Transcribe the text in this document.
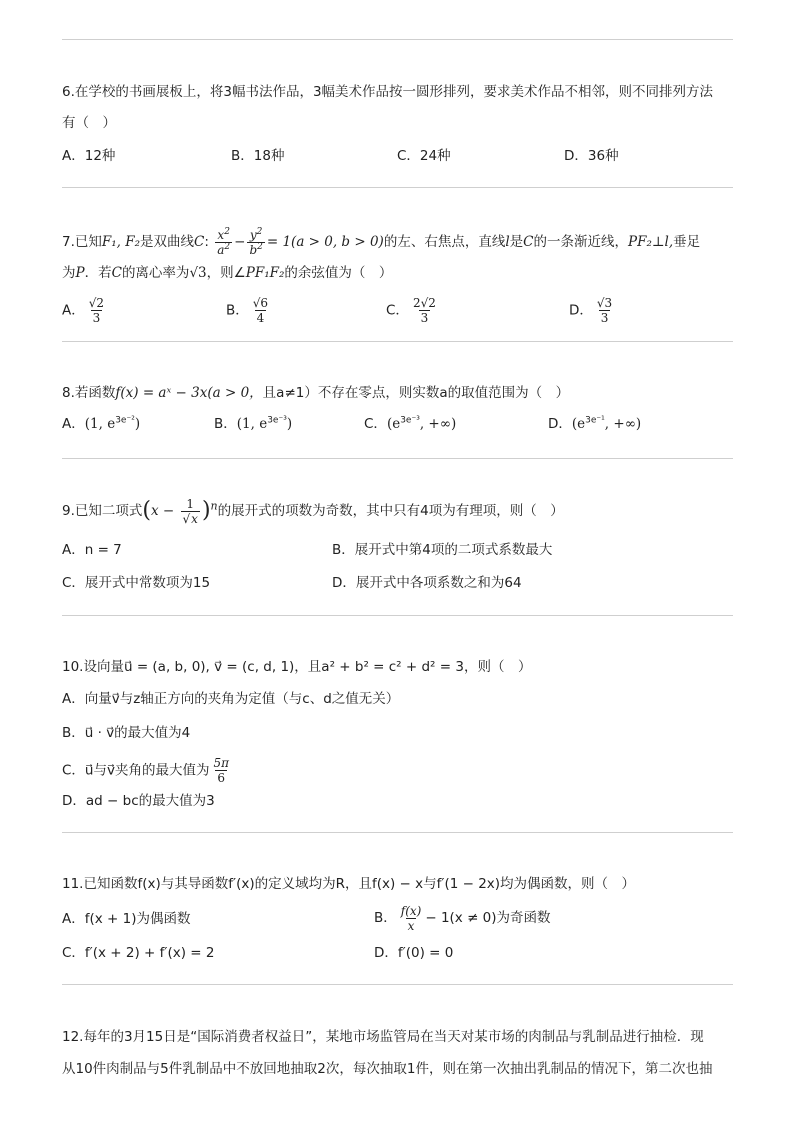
6.在学校的书画展板上，将3幅书法作品，3幅美术作品按一圆形排列，要求美术作品不相邻，则不同排列方法
有（　）
A．12种	B．18种	C．24种	D．36种
7.已知F₁, F₂是双曲线C: $\frac{x^2}{a^2} - \frac{y^2}{b^2} = 1(a > 0$, b > 0)的左、右焦点，直线l是C的一条渐近线，PF₂⊥l,垂足
为P．若C的离心率为√3，则∠PF₁F₂的余弦值为（　）
A． $\frac{√2}{3}$	B． $\frac{√6}{4}$	C． $\frac{2√2}{3}$	D． $\frac{√3}{3}$
8.若函数f(x) = aˣ − 3x(a > 0，且a≠1）不存在零点，则实数a的取值范围为（　）
A．(1, $e^{3e^{-2}}$)	B．(1, $e^{3e^{-3}}$)	C．($e^{3e^{-3}}$, +∞)	D．($e^{3e^{-1}}$, +∞)
9.已知二项式$(x - \frac{1}{√x} )^n$的展开式的项数为奇数，其中只有4项为有理项，则（　）
A．n = 7	B．展开式中第4项的二项式系数最大
C．展开式中常数项为15	D．展开式中各项系数之和为64
10.设向量u⃗ = (a, b, 0), v⃗ = (c, d, 1)，且a² + b² = c² + d² = 3，则（　）
A．向量v⃗与z轴正方向的夹角为定值（与c、d之值无关）
B．u⃗ · v⃗的最大值为4
C．u⃗与v⃗夹角的最大值为 $\frac{5\pi}{6}$
D．ad − bc的最大值为3
11.已知函数f(x)与其导函数f′(x)的定义域均为R，且f(x) − x与f′(1 − 2x)均为偶函数，则（　）
A．f(x + 1)为偶函数	B． $\frac{f(x)}{x} - 1(x \ne 0)$为奇函数
C．f′(x + 2) + f′(x) = 2	D．f′(0) = 0
12.每年的3月15日是“国际消费者权益日”，某地市场监管局在当天对某市场的肉制品与乳制品进行抽检．现
从10件肉制品与5件乳制品中不放回地抽取2次，每次抽取1件，则在第一次抽出乳制品的情况下，第二次也抽
